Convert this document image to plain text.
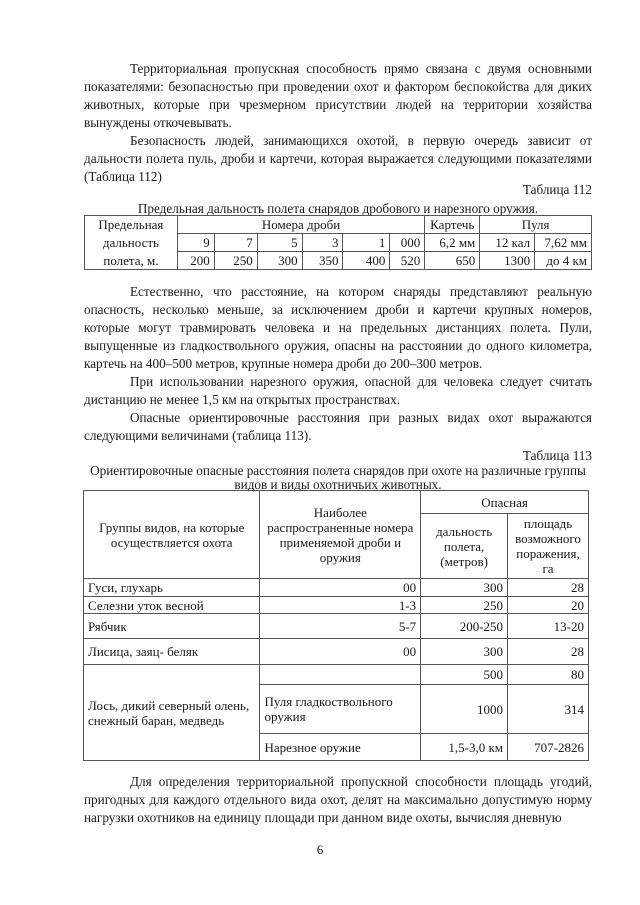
Территориальная пропускная способность прямо связана с двумя основными показателями: безопасностью при проведении охот и фактором беспокойства для диких животных, которые при чрезмерном присутствии людей на территории хозяйства вынуждены откочевывать.

Безопасность людей, занимающихся охотой, в первую очередь зависит от дальности полета пуль, дроби и картечи, которая выражается следующими показателями (Таблица 112)

Таблица 112

Предельная дальность полета снарядов дробового и нарезного оружия.

Предельная	Номера дроби						Картечь	Пуля	
дальность	9	7	5	3	1	000	6,2 мм	12 кал	7,62 мм
полета, м.	200	250	300	350	400	520	650	1300	до 4 км

Естественно, что расстояние, на котором снаряды представляют реальную опасность, несколько меньше, за исключением дроби и картечи крупных номеров, которые могут травмировать человека и на предельных дистанциях полета. Пули, выпущенные из гладкоствольного оружия, опасны на расстоянии до одного километра, картечь на 400–500 метров, крупные номера дроби до 200–300 метров.

При использовании нарезного оружия, опасной для человека следует считать дистанцию не менее 1,5 км на открытых пространствах.

Опасные ориентировочные расстояния при разных видах охот выражаются следующими величинами (таблица 113).

Таблица 113

Ориентировочные опасные расстояния полета снарядов при охоте на различные группы

видов и виды охотничьих животных.

Группы видов, на которые осуществляется охота	Наиболее распространенные номера применяемой дроби и оружия	Опасная	
		дальность полета, (метров)	площадь возможного поражения, га
Гуси, глухарь	00	300	28
Селезни уток весной	1-3	250	20
Рябчик	5-7	200-250	13-20
Лисица, заяц- беляк	00	300	28
Лось, дикий северный олень, снежный баран, медведь		500	80
	Пуля гладкоствольного оружия	1000	314
	Нарезное оружие	1,5-3,0 км	707-2826

Для определения территориальной пропускной способности площадь угодий, пригодных для каждого отдельного вида охот, делят на максимально допустимую норму нагрузки охотников на единицу площади при данном виде охоты, вычисляя дневную

6
